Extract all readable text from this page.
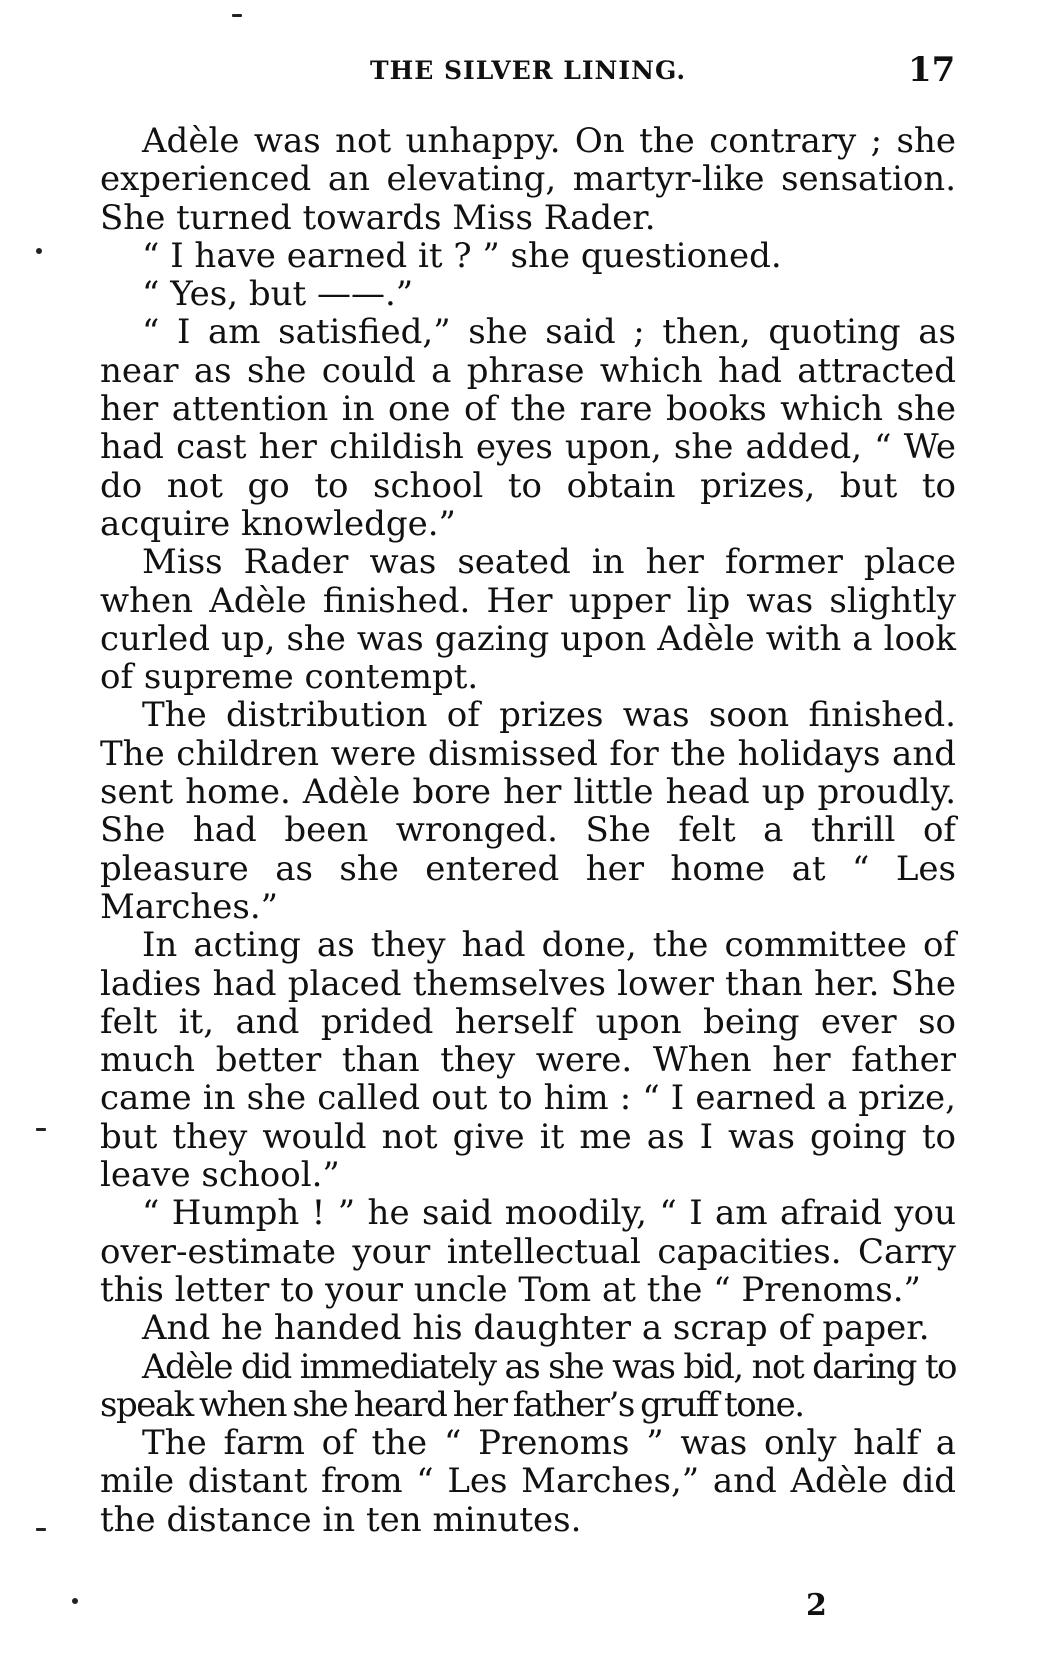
THE SILVER LINING.	17

Adèle was not unhappy. On the contrary ; she experienced an elevating, martyr-like sensation. She turned towards Miss Rader.

“ I have earned it ? ” she questioned.

“ Yes, but ——.”

“ I am satisfied,” she said ; then, quoting as near as she could a phrase which had attracted her attention in one of the rare books which she had cast her childish eyes upon, she added, “ We do not go to school to obtain prizes, but to acquire knowledge.”

Miss Rader was seated in her former place when Adèle finished. Her upper lip was slightly curled up, she was gazing upon Adèle with a look of supreme contempt.

The distribution of prizes was soon finished. The children were dismissed for the holidays and sent home. Adèle bore her little head up proudly. She had been wronged. She felt a thrill of pleasure as she entered her home at “ Les Marches.”

In acting as they had done, the committee of ladies had placed themselves lower than her. She felt it, and prided herself upon being ever so much better than they were. When her father came in she called out to him : “ I earned a prize, but they would not give it me as I was going to leave school.”

“ Humph ! ” he said moodily, “ I am afraid you over-estimate your intellectual capacities. Carry this letter to your uncle Tom at the “ Prenoms.”

And he handed his daughter a scrap of paper.

Adèle did immediately as she was bid, not daring to speak when she heard her father’s gruff tone.

The farm of the “ Prenoms ” was only half a mile distant from “ Les Marches,” and Adèle did the distance in ten minutes.

2
